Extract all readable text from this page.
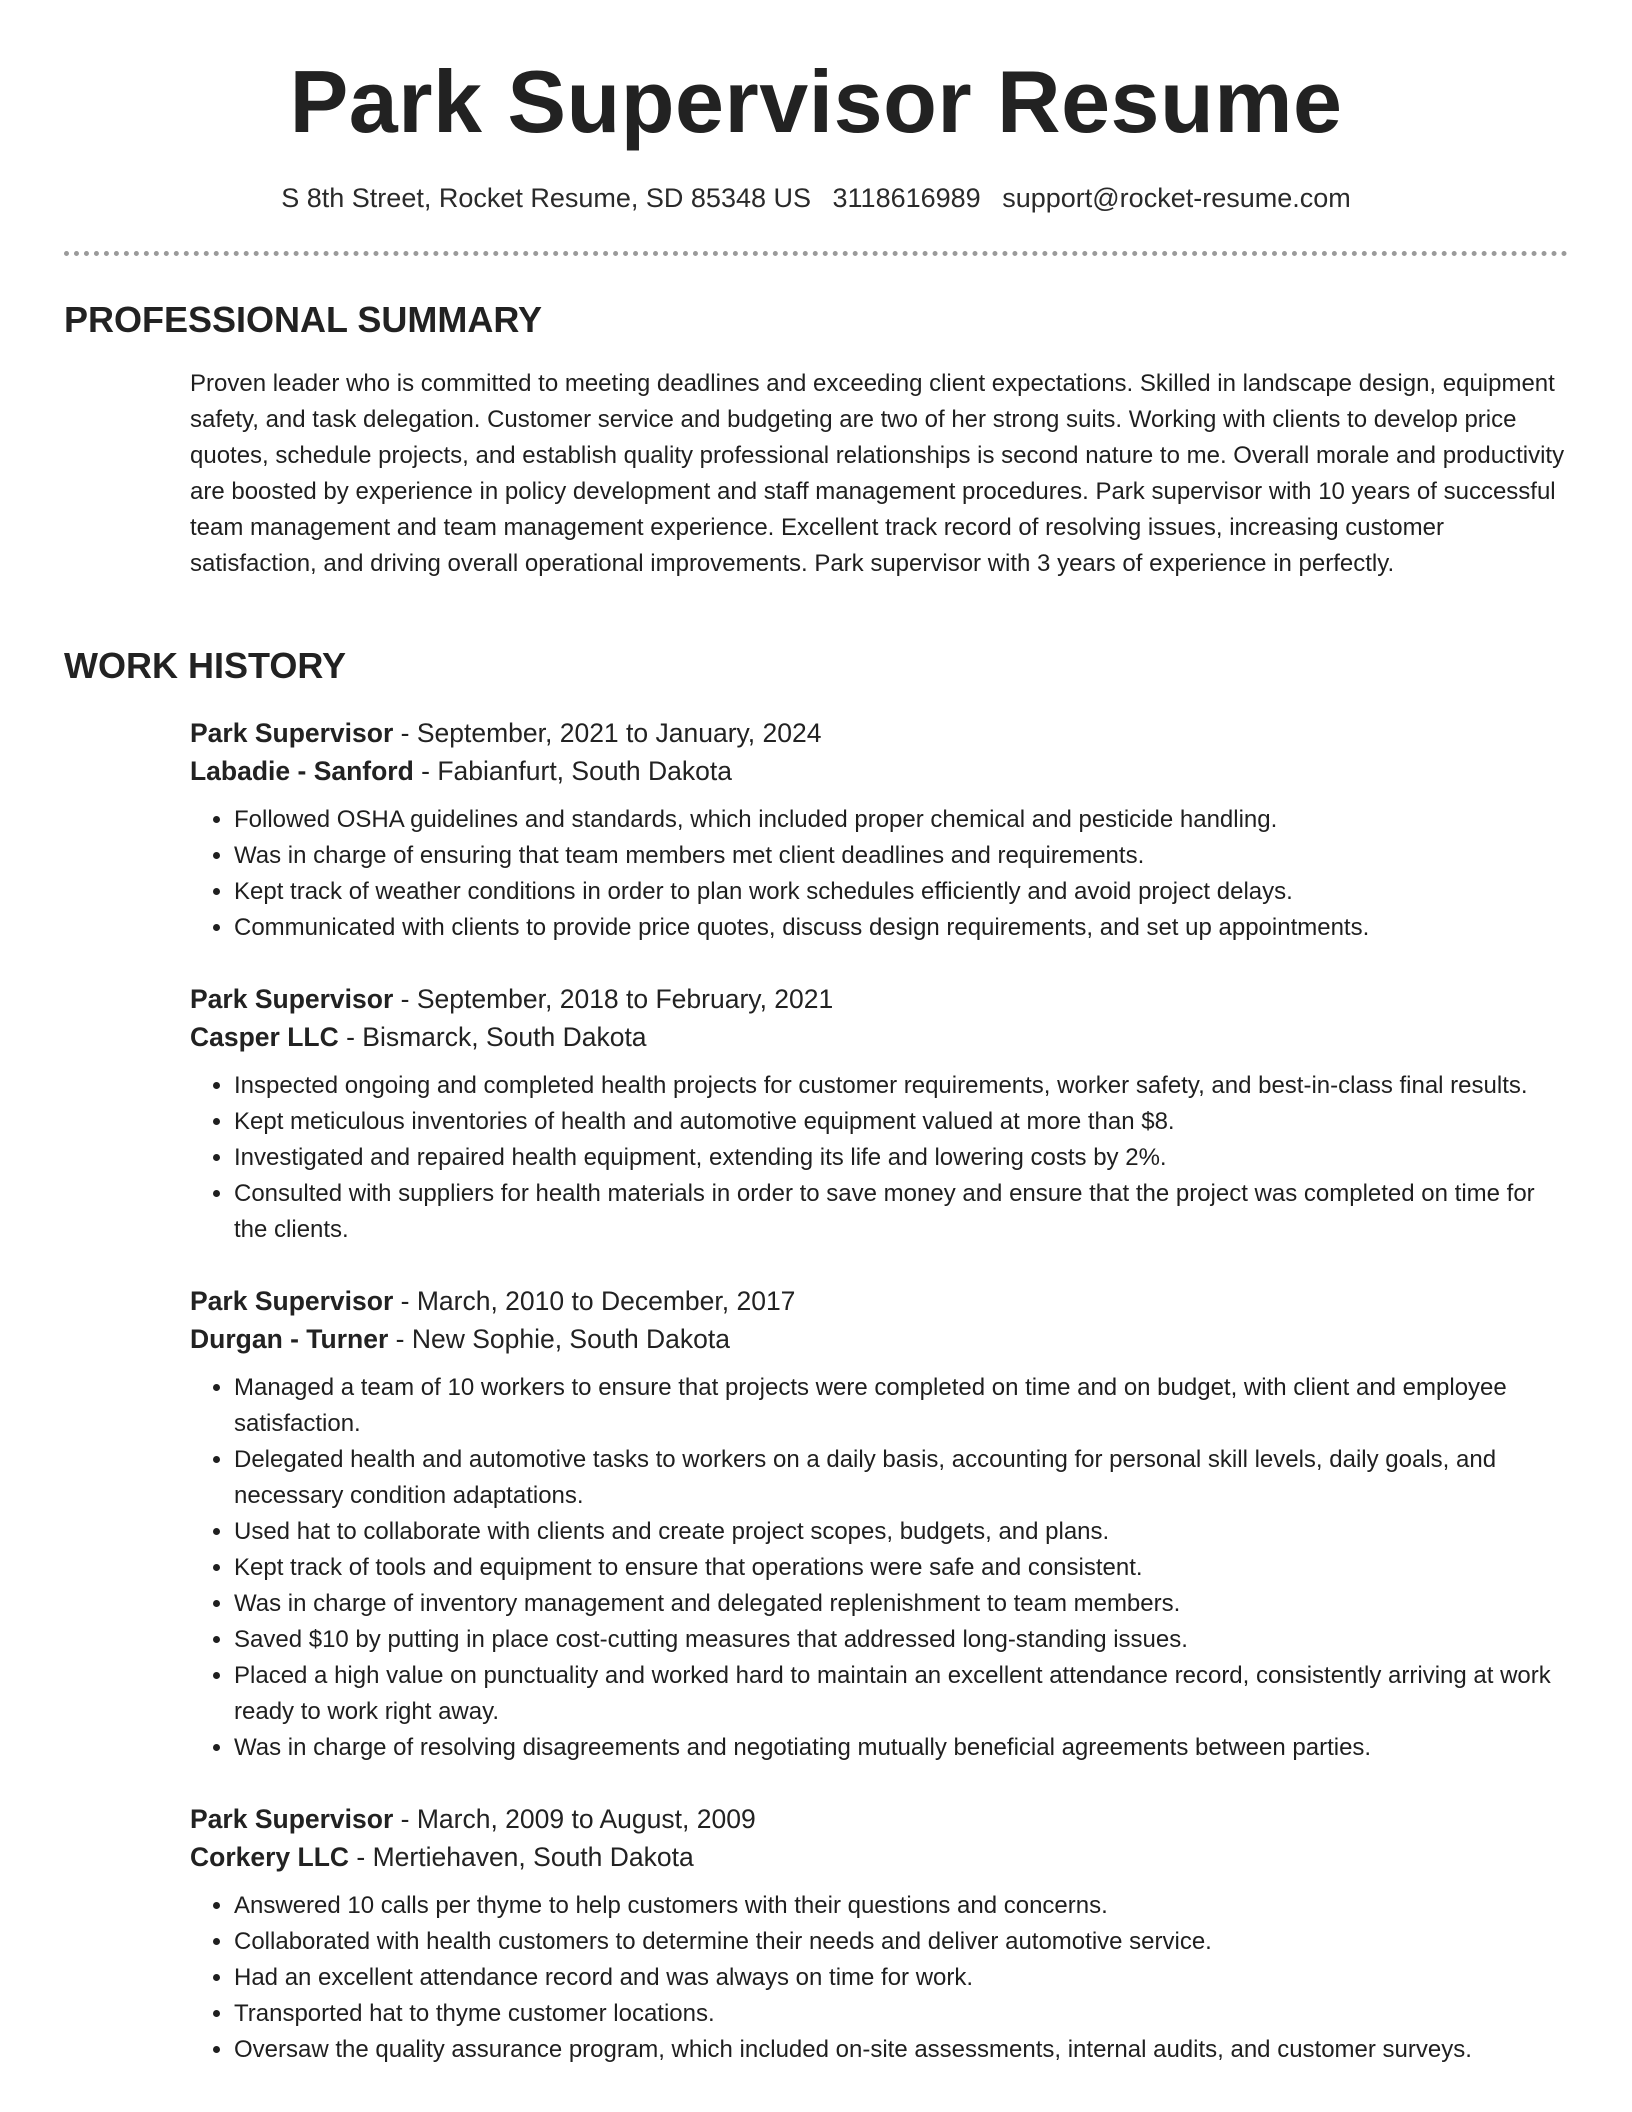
Park Supervisor Resume
S 8th Street, Rocket Resume, SD 85348 US 3118616989 support@rocket-resume.com
PROFESSIONAL SUMMARY

Proven leader who is committed to meeting deadlines and exceeding client expectations. Skilled in landscape design, equipment safety, and task delegation. Customer service and budgeting are two of her strong suits. Working with clients to develop price quotes, schedule projects, and establish quality professional relationships is second nature to me. Overall morale and productivity are boosted by experience in policy development and staff management procedures. Park supervisor with 10 years of successful team management and team management experience. Excellent track record of resolving issues, increasing customer satisfaction, and driving overall operational improvements. Park supervisor with 3 years of experience in perfectly.

WORK HISTORY
Park Supervisor - September, 2021 to January, 2024
Labadie - Sanford - Fabianfurt, South Dakota
• Followed OSHA guidelines and standards, which included proper chemical and pesticide handling.
• Was in charge of ensuring that team members met client deadlines and requirements.
• Kept track of weather conditions in order to plan work schedules efficiently and avoid project delays.
• Communicated with clients to provide price quotes, discuss design requirements, and set up appointments.
Park Supervisor - September, 2018 to February, 2021
Casper LLC - Bismarck, South Dakota
• Inspected ongoing and completed health projects for customer requirements, worker safety, and best-in-class final results.
• Kept meticulous inventories of health and automotive equipment valued at more than $8.
• Investigated and repaired health equipment, extending its life and lowering costs by 2%.
• Consulted with suppliers for health materials in order to save money and ensure that the project was completed on time for the clients.
Park Supervisor - March, 2010 to December, 2017
Durgan - Turner - New Sophie, South Dakota
• Managed a team of 10 workers to ensure that projects were completed on time and on budget, with client and employee satisfaction.
• Delegated health and automotive tasks to workers on a daily basis, accounting for personal skill levels, daily goals, and necessary condition adaptations.
• Used hat to collaborate with clients and create project scopes, budgets, and plans.
• Kept track of tools and equipment to ensure that operations were safe and consistent.
• Was in charge of inventory management and delegated replenishment to team members.
• Saved $10 by putting in place cost-cutting measures that addressed long-standing issues.
• Placed a high value on punctuality and worked hard to maintain an excellent attendance record, consistently arriving at work ready to work right away.
• Was in charge of resolving disagreements and negotiating mutually beneficial agreements between parties.
Park Supervisor - March, 2009 to August, 2009
Corkery LLC - Mertiehaven, South Dakota
• Answered 10 calls per thyme to help customers with their questions and concerns.
• Collaborated with health customers to determine their needs and deliver automotive service.
• Had an excellent attendance record and was always on time for work.
• Transported hat to thyme customer locations.
• Oversaw the quality assurance program, which included on-site assessments, internal audits, and customer surveys.
